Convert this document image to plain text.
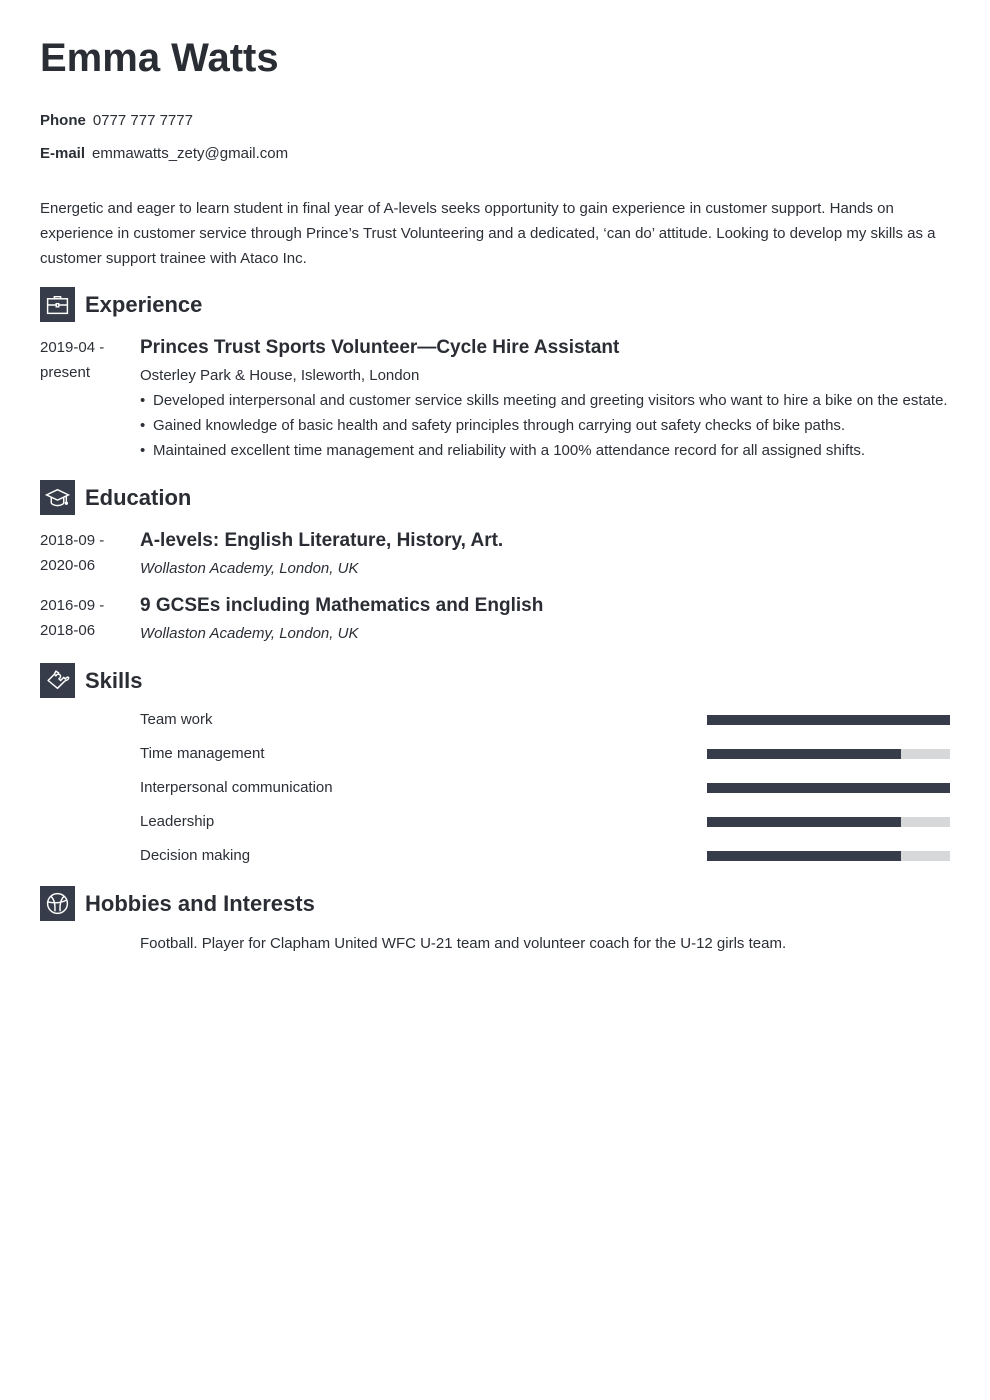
Emma Watts
Phone 0777 777 7777
E-mail emmawatts_zety@gmail.com

Energetic and eager to learn student in final year of A-levels seeks opportunity to gain experience in customer support. Hands on experience in customer service through Prince’s Trust Volunteering and a dedicated, ‘can do’ attitude. Looking to develop my skills as a customer support trainee with Ataco Inc.

Experience
2019-04 -
present
Princes Trust Sports Volunteer—Cycle Hire Assistant
Osterley Park & House, Isleworth, London
• Developed interpersonal and customer service skills meeting and greeting visitors who want to hire a bike on the estate.
• Gained knowledge of basic health and safety principles through carrying out safety checks of bike paths.
• Maintained excellent time management and reliability with a 100% attendance record for all assigned shifts.
Education
2018-09 -
2020-06
A-levels: English Literature, History, Art.
Wollaston Academy, London, UK
2016-09 -
2018-06
9 GCSEs including Mathematics and English
Wollaston Academy, London, UK
Skills
Team work
Time management
Interpersonal communication
Leadership
Decision making
Hobbies and Interests

Football. Player for Clapham United WFC U-21 team and volunteer coach for the U-12 girls team.
